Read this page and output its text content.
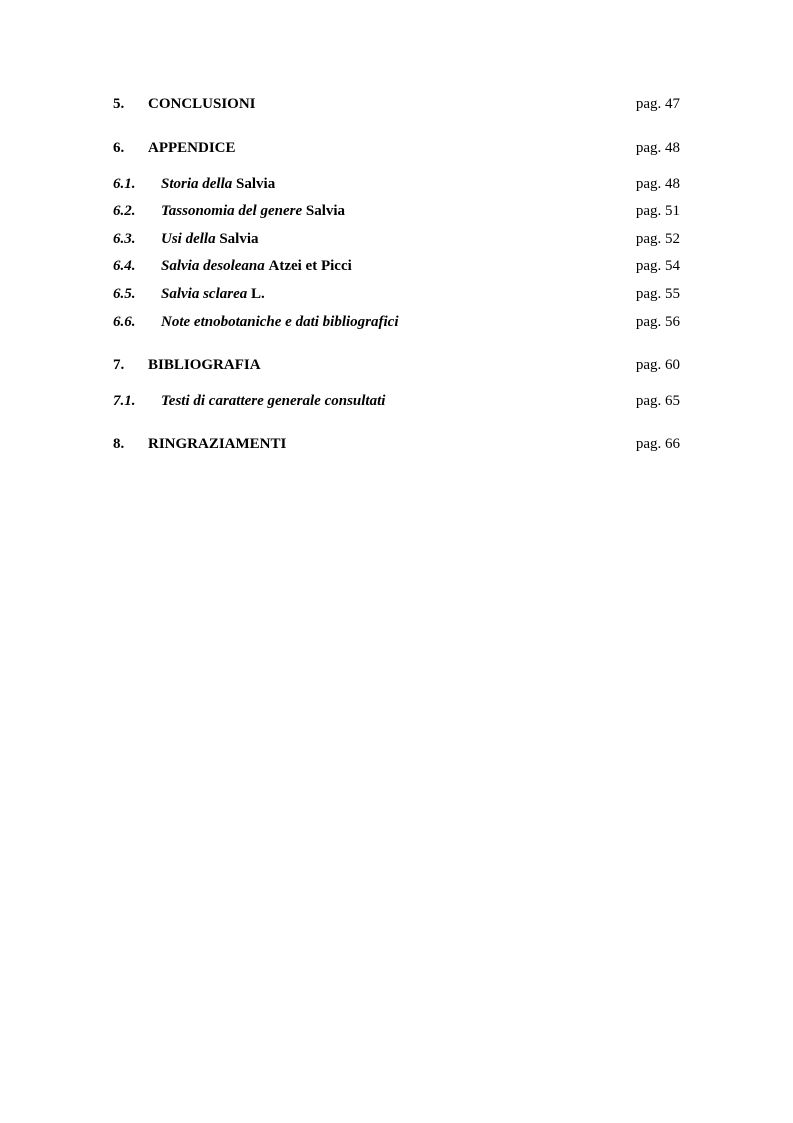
5. CONCLUSIONI	pag. 47
6. APPENDICE	pag. 48
6.1. Storia della Salvia	pag. 48
6.2. Tassonomia del genere Salvia	pag. 51
6.3. Usi della Salvia	pag. 52
6.4. Salvia desoleana Atzei et Picci	pag. 54
6.5. Salvia sclarea L.	pag. 55
6.6. Note etnobotaniche e dati bibliografici	pag. 56
7. BIBLIOGRAFIA	pag. 60
7.1. Testi di carattere generale consultati	pag. 65
8. RINGRAZIAMENTI	pag. 66
